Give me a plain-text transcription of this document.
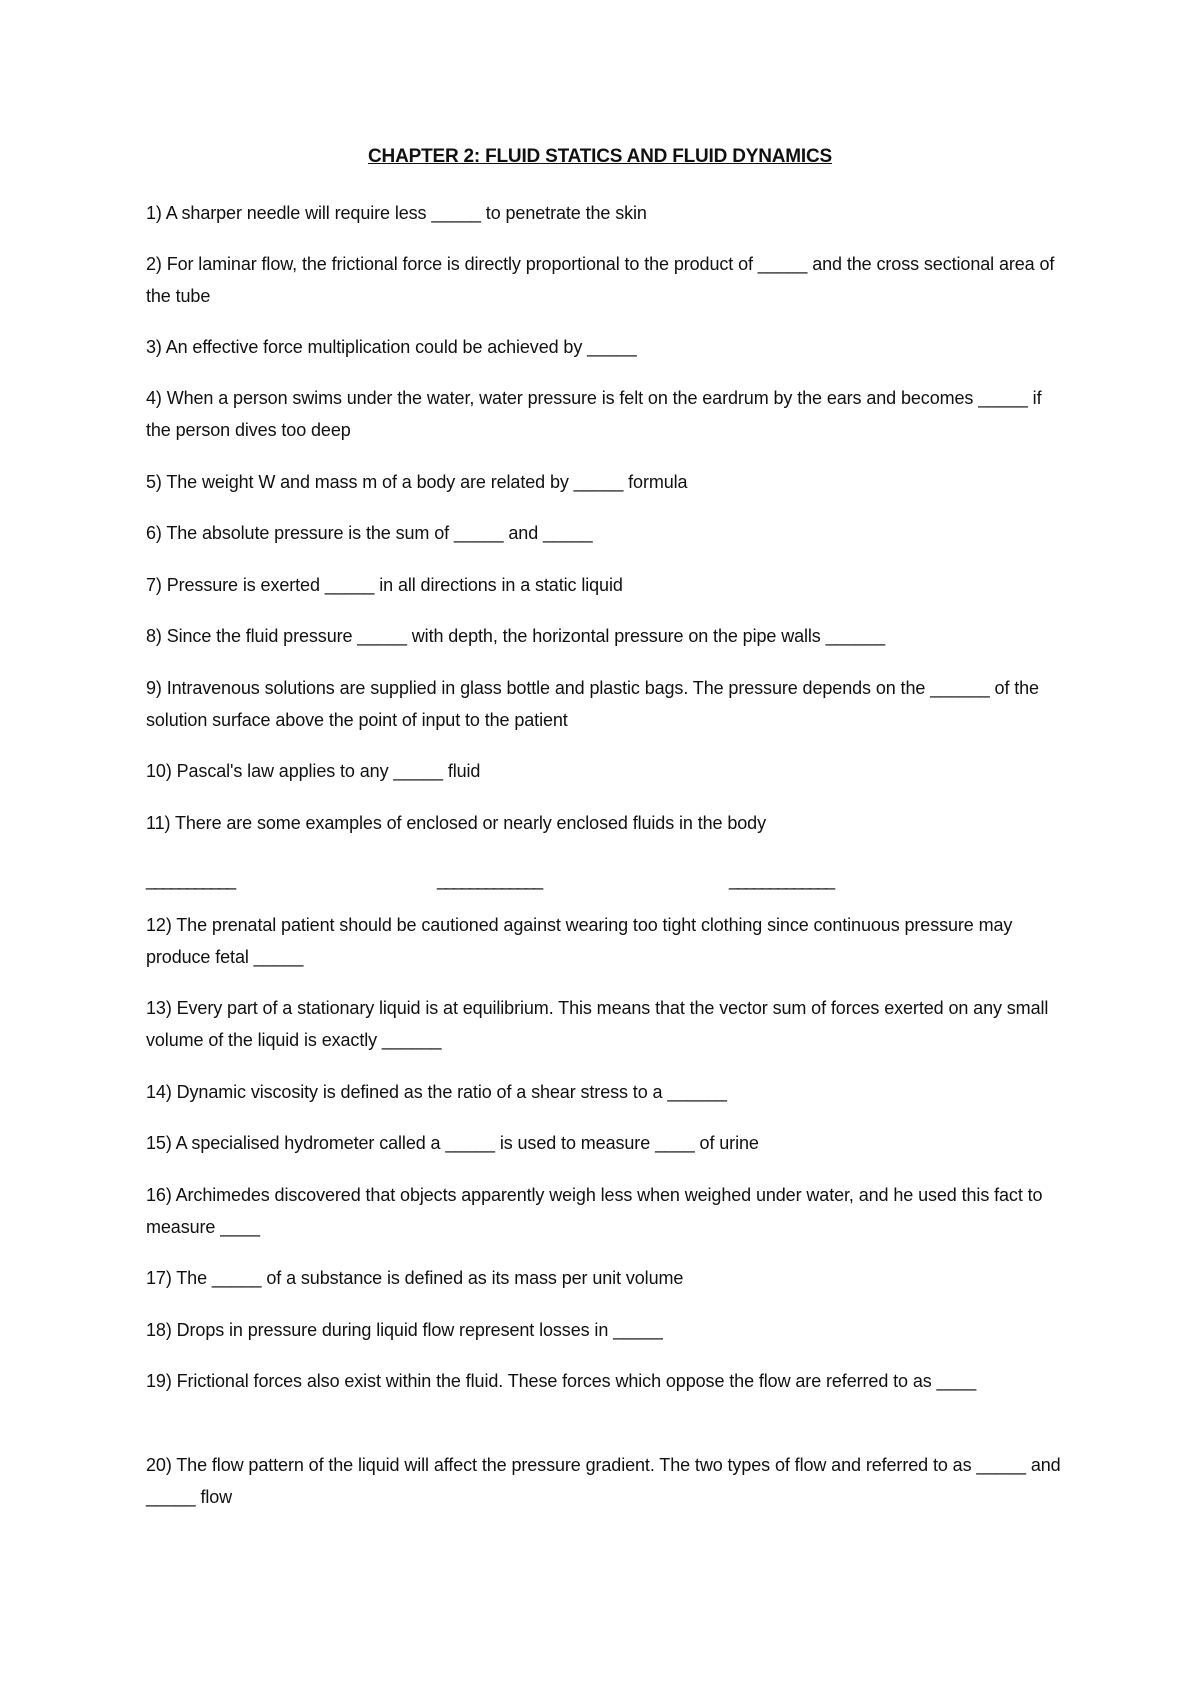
CHAPTER 2: FLUID STATICS AND FLUID DYNAMICS
1) A sharper needle will require less _____ to penetrate the skin
2) For laminar flow, the frictional force is directly proportional to the product of _____ and the cross sectional area of the tube
3) An effective force multiplication could be achieved by _____
4) When a person swims under the water, water pressure is felt on the eardrum by the ears and becomes _____ if the person dives too deep
5) The weight W and mass m of a body are related by _____ formula
6) The absolute pressure is the sum of _____ and _____
7) Pressure is exerted _____ in all directions in a static liquid
8) Since the fluid pressure _____ with depth, the horizontal pressure on the pipe walls ______
9) Intravenous solutions are supplied in glass bottle and plastic bags. The pressure depends on the ______ of the solution surface above the point of input to the patient
10) Pascal's law applies to any _____ fluid
11) There are some examples of enclosed or nearly enclosed fluids in the body
___________	_____________	_____________
12) The prenatal patient should be cautioned against wearing too tight clothing since continuous pressure may produce fetal _____
13) Every part of a stationary liquid is at equilibrium. This means that the vector sum of forces exerted on any small volume of the liquid is exactly ______
14) Dynamic viscosity is defined as the ratio of a shear stress to a ______
15) A specialised hydrometer called a _____ is used to measure ____ of urine
16) Archimedes discovered that objects apparently weigh less when weighed under water, and he used this fact to measure ____
17) The _____ of a substance is defined as its mass per unit volume
18) Drops in pressure during liquid flow represent losses in _____
19) Frictional forces also exist within the fluid. These forces which oppose the flow are referred to as ____
20) The flow pattern of the liquid will affect the pressure gradient. The two types of flow and referred to as _____ and _____ flow
